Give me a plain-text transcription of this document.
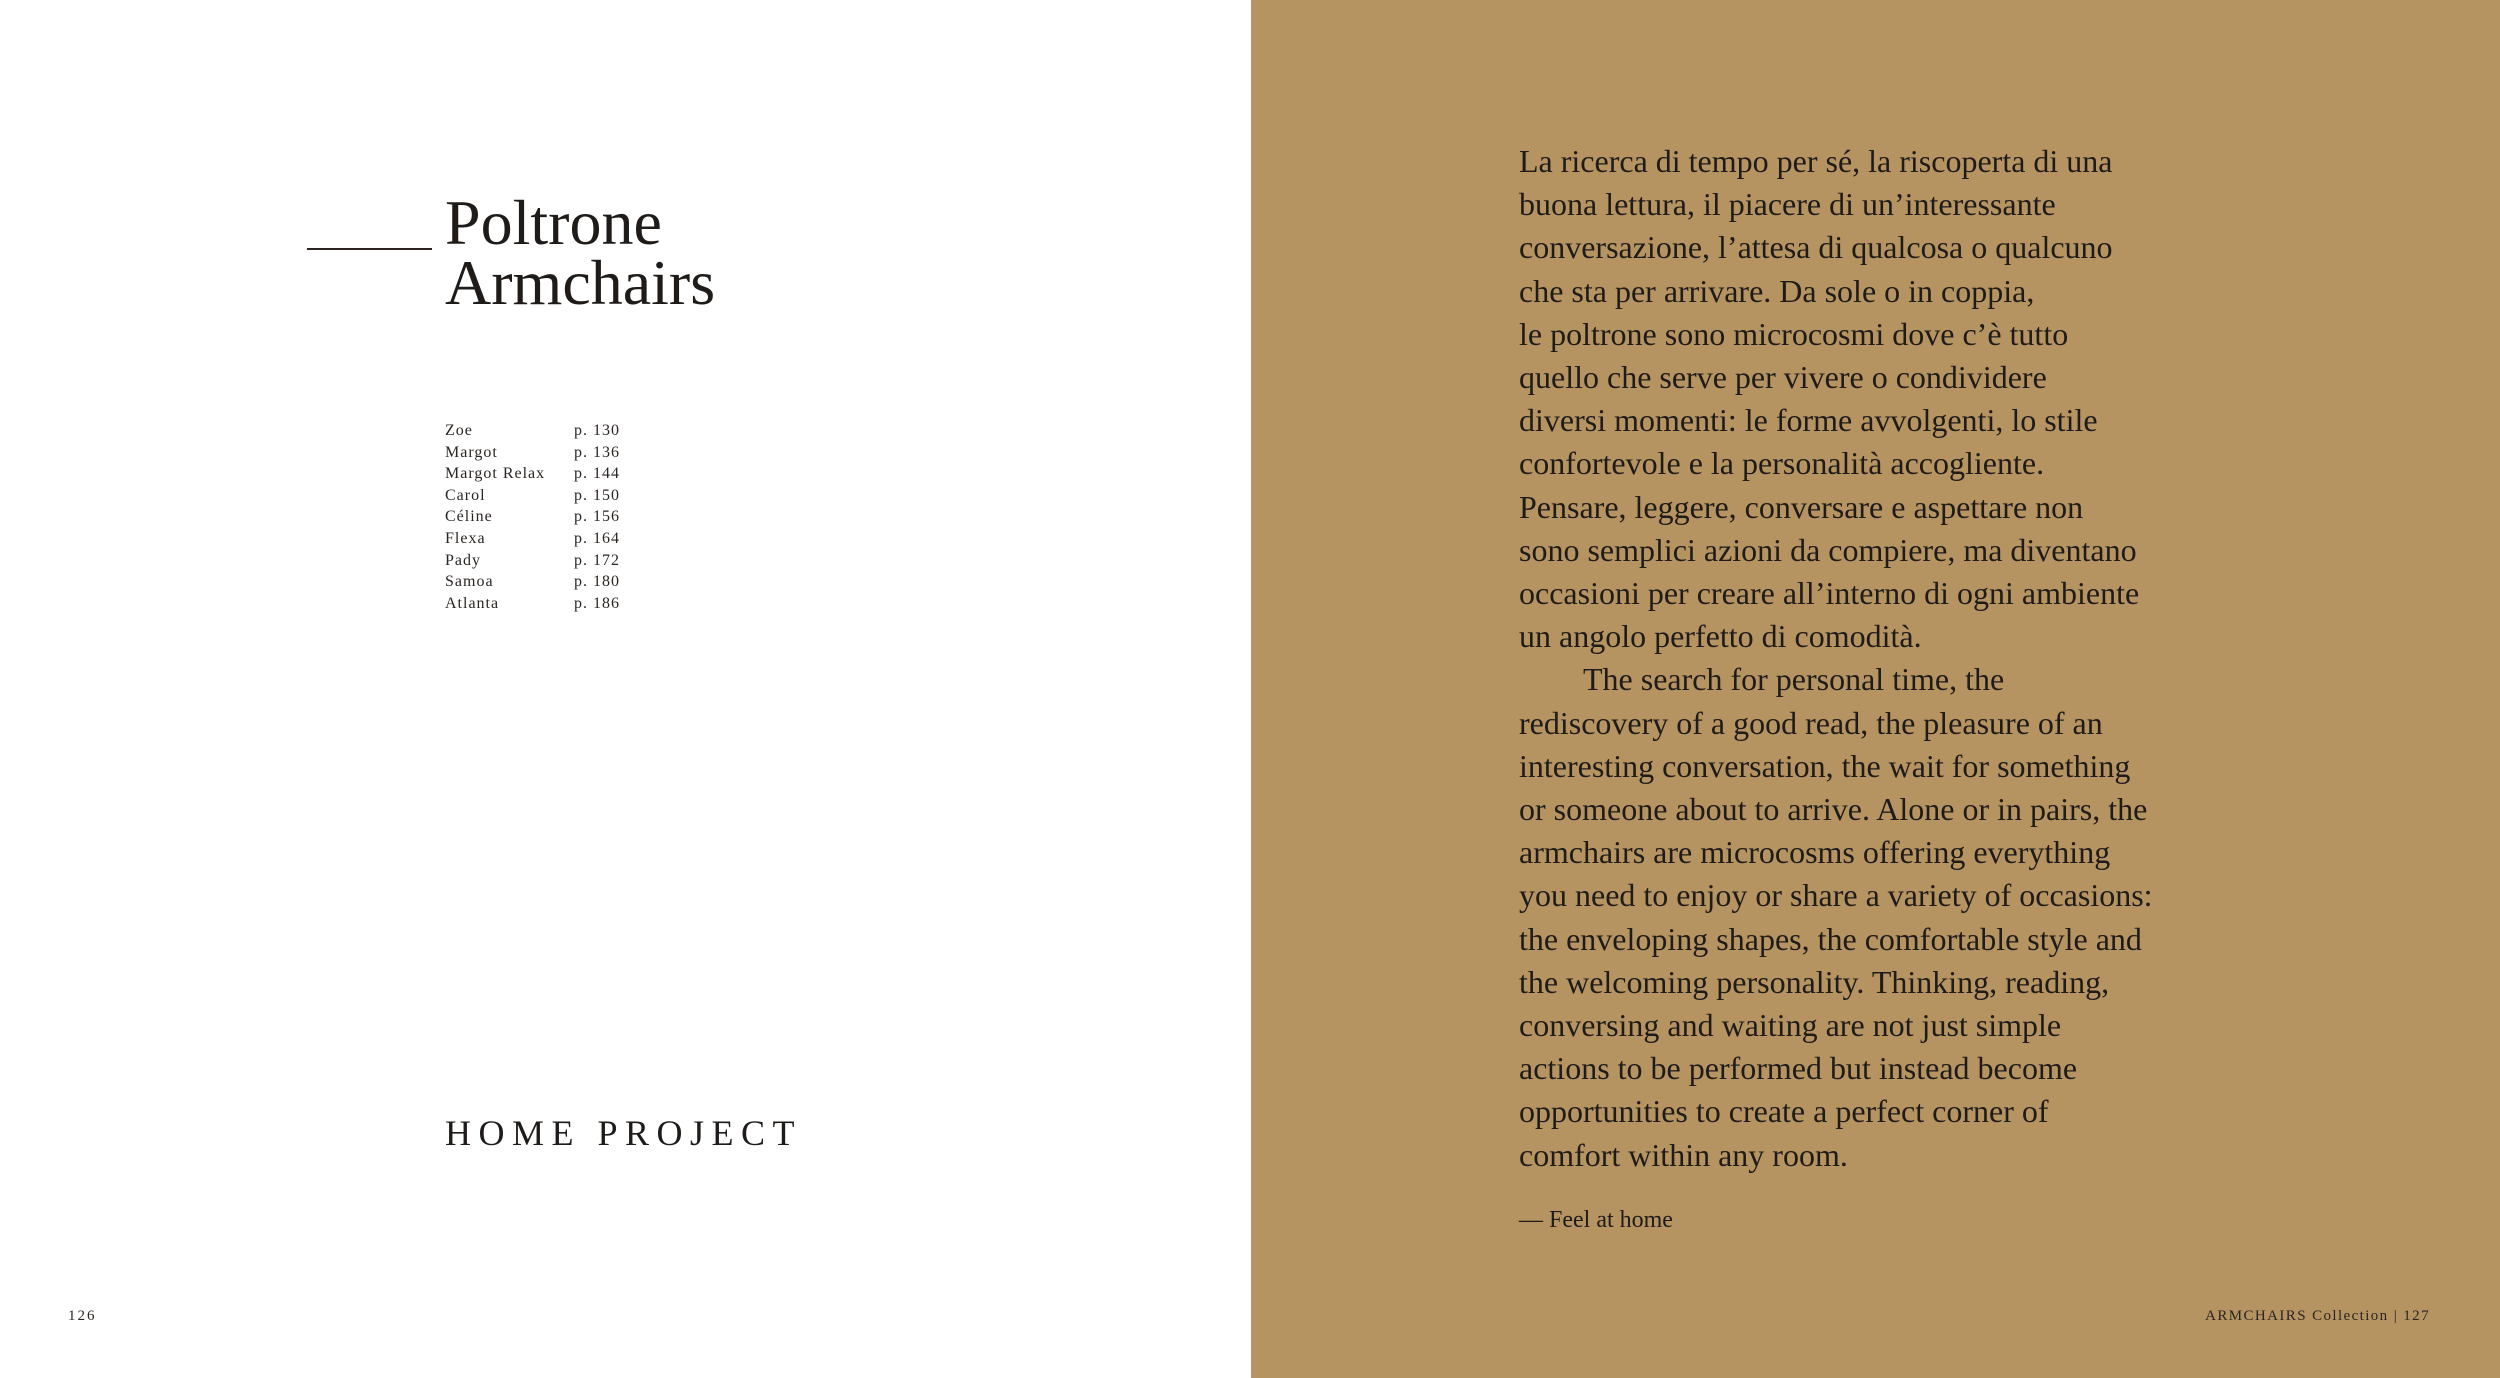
Poltrone
Armchairs
Zoe	p. 130
Margot	p. 136
Margot Relax	p. 144
Carol	p. 150
Céline	p. 156
Flexa	p. 164
Pady	p. 172
Samoa	p. 180
Atlanta	p. 186
HOME PROJECT
126
La ricerca di tempo per sé, la riscoperta di una
buona lettura, il piacere di un’interessante
conversazione, l’attesa di qualcosa o qualcuno
che sta per arrivare. Da sole o in coppia,
le poltrone sono microcosmi dove c’è tutto
quello che serve per vivere o condividere
diversi momenti: le forme avvolgenti, lo stile
confortevole e la personalità accogliente.
Pensare, leggere, conversare e aspettare non
sono semplici azioni da compiere, ma diventano
occasioni per creare all’interno di ogni ambiente
un angolo perfetto di comodità.
The search for personal time, the
rediscovery of a good read, the pleasure of an
interesting conversation, the wait for something
or someone about to arrive. Alone or in pairs, the
armchairs are microcosms offering everything
you need to enjoy or share a variety of occasions:
the enveloping shapes, the comfortable style and
the welcoming personality. Thinking, reading,
conversing and waiting are not just simple
actions to be performed but instead become
opportunities to create a perfect corner of
comfort within any room.
— Feel at home
ARMCHAIRS Collection | 127
